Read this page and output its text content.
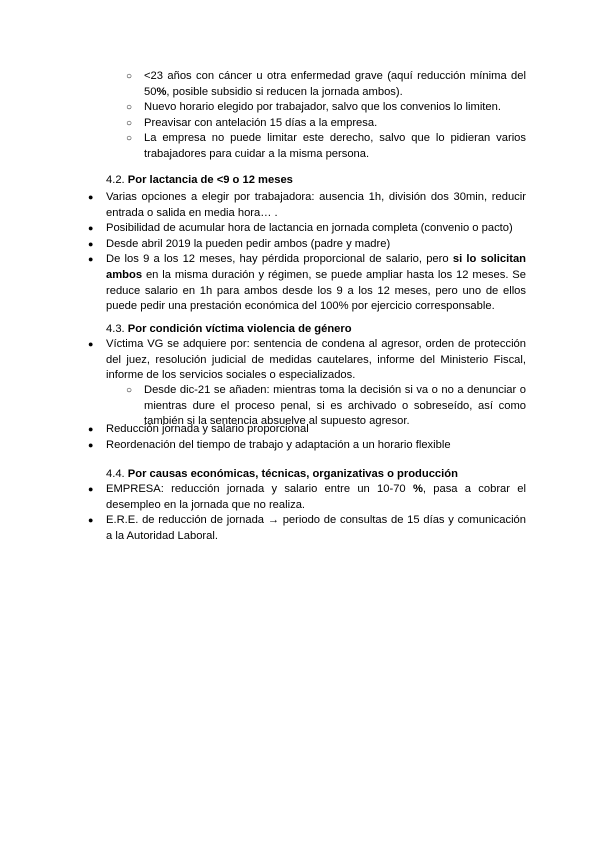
○ <23 años con cáncer u otra enfermedad grave (aquí reducción mínima del 50%, posible subsidio si reducen la jornada ambos).
○ Nuevo horario elegido por trabajador, salvo que los convenios lo limiten.
○ Preavisar con antelación 15 días a la empresa.
○ La empresa no puede limitar este derecho, salvo que lo pidieran varios trabajadores para cuidar a la misma persona.
4.2. Por lactancia de <9 o 12 meses
● Varias opciones a elegir por trabajadora: ausencia 1h, división dos 30min, reducir entrada o salida en media hora… .
● Posibilidad de acumular hora de lactancia en jornada completa (convenio o pacto)
● Desde abril 2019 la pueden pedir ambos (padre y madre)
● De los 9 a los 12 meses, hay pérdida proporcional de salario, pero si lo solicitan ambos en la misma duración y régimen, se puede ampliar hasta los 12 meses. Se reduce salario en 1h para ambos desde los 9 a los 12 meses, pero uno de ellos puede pedir una prestación económica del 100% por ejercicio corresponsable.
4.3. Por condición víctima violencia de género
● Víctima VG se adquiere por: sentencia de condena al agresor, orden de protección del juez, resolución judicial de medidas cautelares, informe del Ministerio Fiscal, informe de los servicios sociales o especializados.
○ Desde dic-21 se añaden: mientras toma la decisión si va o no a denunciar o mientras dure el proceso penal, si es archivado o sobreseído, así como también si la sentencia absuelve al supuesto agresor.
● Reducción jornada y salario proporcional
● Reordenación del tiempo de trabajo y adaptación a un horario flexible
4.4. Por causas económicas, técnicas, organizativas o producción
● EMPRESA: reducción jornada y salario entre un 10-70 %, pasa a cobrar el desempleo en la jornada que no realiza.
● E.R.E. de reducción de jornada → periodo de consultas de 15 días y comunicación a la Autoridad Laboral.
